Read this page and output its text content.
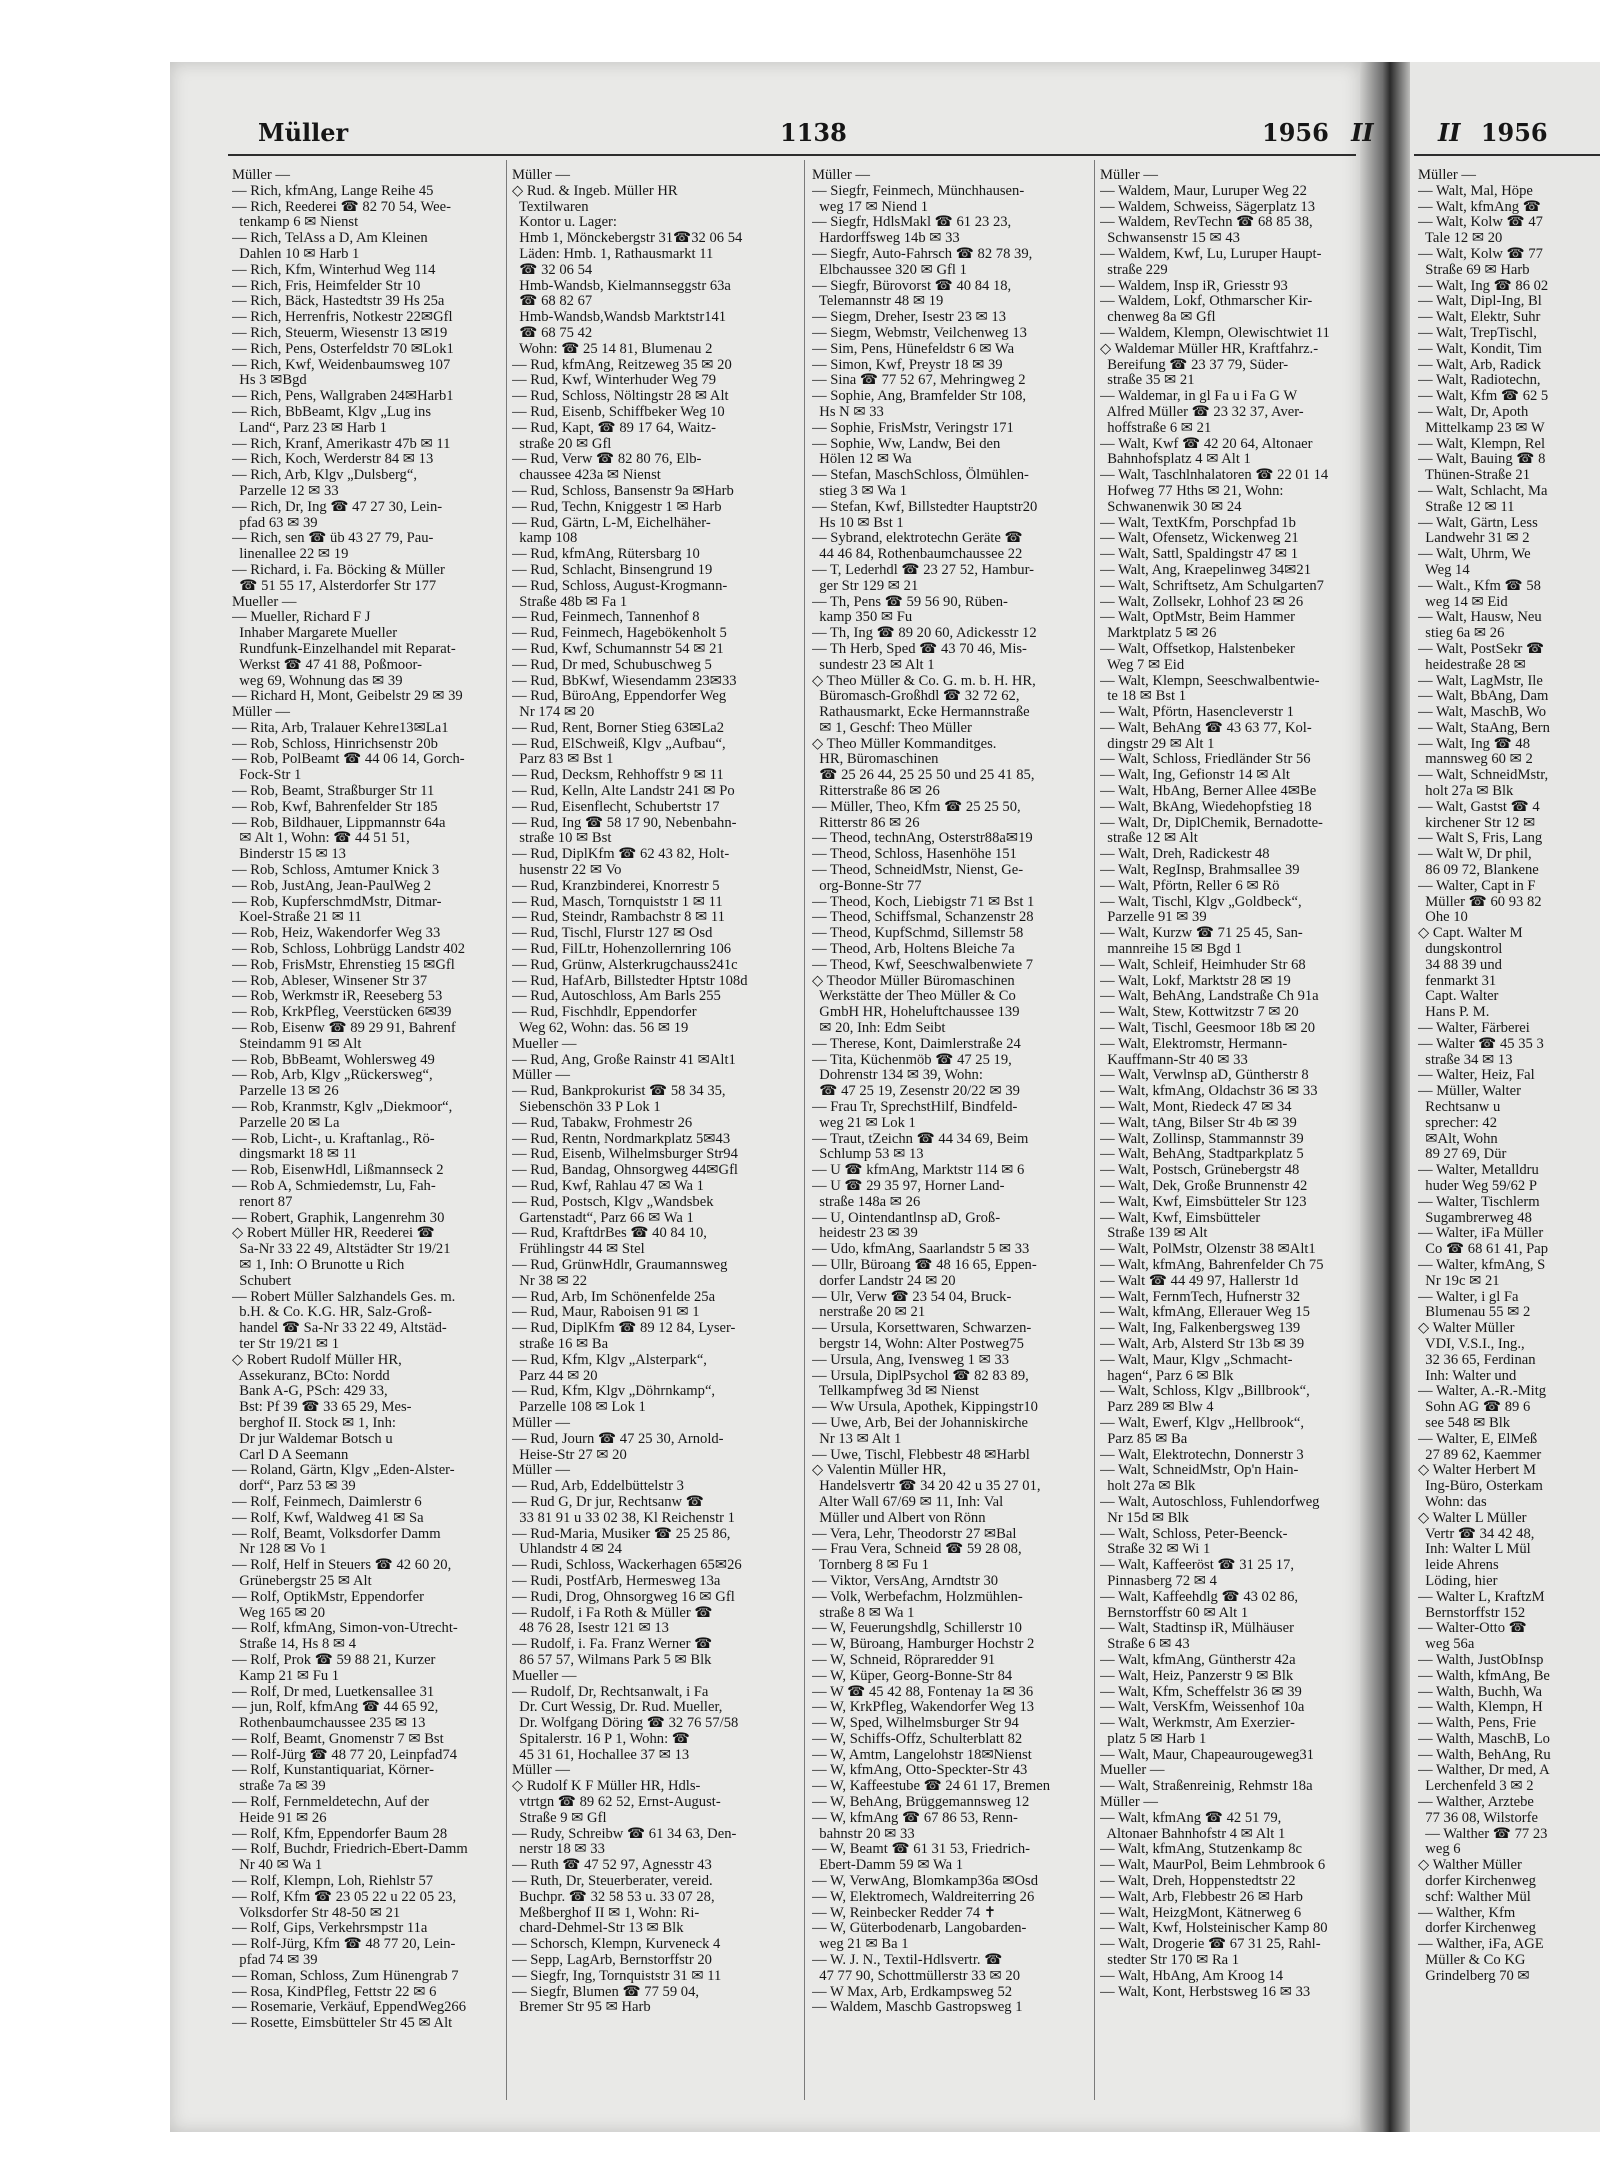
Müller	1138	1956 II	II 1956
Müller —
— Rich, kfmAng, Lange Reihe 45
— Rich, Reederei ☎ 82 70 54, Wee-
tenkamp 6 ✉ Nienst
— Rich, TelAss a D, Am Kleinen
Dahlen 10 ✉ Harb 1
— Rich, Kfm, Winterhud Weg 114
— Rich, Fris, Heimfelder Str 10
— Rich, Bäck, Hastedtstr 39 Hs 25a
— Rich, Herrenfris, Notkestr 22✉Gfl
— Rich, Steuerm, Wiesenstr 13 ✉19
— Rich, Pens, Osterfeldstr 70 ✉Lok1
— Rich, Kwf, Weidenbaumsweg 107
Hs 3 ✉Bgd
— Rich, Pens, Wallgraben 24✉Harb1
— Rich, BbBeamt, Klgv „Lug ins
Land“, Parz 23 ✉ Harb 1
— Rich, Kranf, Amerikastr 47b ✉ 11
— Rich, Koch, Werderstr 84 ✉ 13
— Rich, Arb, Klgv „Dulsberg“,
Parzelle 12 ✉ 33
— Rich, Dr, Ing ☎ 47 27 30, Lein-
pfad 63 ✉ 39
— Rich, sen ☎ üb 43 27 79, Pau-
linenallee 22 ✉ 19
— Richard, i. Fa. Böcking & Müller
☎ 51 55 17, Alsterdorfer Str 177
Mueller —
— Mueller, Richard F J
Inhaber Margarete Mueller
Rundfunk-Einzelhandel mit Reparat-
Werkst ☎ 47 41 88, Poßmoor-
weg 69, Wohnung das ✉ 39
— Richard H, Mont, Geibelstr 29 ✉ 39
Müller —
— Rita, Arb, Tralauer Kehre13✉La1
— Rob, Schloss, Hinrichsenstr 20b
— Rob, PolBeamt ☎ 44 06 14, Gorch-
Fock-Str 1
— Rob, Beamt, Straßburger Str 11
— Rob, Kwf, Bahrenfelder Str 185
— Rob, Bildhauer, Lippmannstr 64a
✉ Alt 1, Wohn: ☎ 44 51 51,
Binderstr 15 ✉ 13
— Rob, Schloss, Amtumer Knick 3
— Rob, JustAng, Jean-PaulWeg 2
— Rob, KupferschmdMstr, Ditmar-
Koel-Straße 21 ✉ 11
— Rob, Heiz, Wakendorfer Weg 33
— Rob, Schloss, Lohbrügg Landstr 402
— Rob, FrisMstr, Ehrenstieg 15 ✉Gfl
— Rob, Ableser, Winsener Str 37
— Rob, Werkmstr iR, Reeseberg 53
— Rob, KrkPfleg, Veerstücken 6✉39
— Rob, Eisenw ☎ 89 29 91, Bahrenf
Steindamm 91 ✉ Alt
— Rob, BbBeamt, Wohlersweg 49
— Rob, Arb, Klgv „Rückersweg“,
Parzelle 13 ✉ 26
— Rob, Kranmstr, Kglv „Diekmoor“,
Parzelle 20 ✉ La
— Rob, Licht-, u. Kraftanlag., Rö-
dingsmarkt 18 ✉ 11
— Rob, EisenwHdl, Lißmannseck 2
— Rob A, Schmiedemstr, Lu, Fah-
renort 87
— Robert, Graphik, Langenrehm 30
◇ Robert Müller HR, Reederei ☎
Sa-Nr 33 22 49, Altstädter Str 19/21
✉ 1, Inh: O Brunotte u Rich
Schubert
— Robert Müller Salzhandels Ges. m.
b.H. & Co. K.G. HR, Salz-Groß-
handel ☎ Sa-Nr 33 22 49, Altstäd-
ter Str 19/21 ✉ 1
◇ Robert Rudolf Müller HR,
Assekuranz, BCto: Nordd
Bank A-G, PSch: 429 33,
Bst: Pf 39 ☎ 33 65 29, Mes-
berghof II. Stock ✉ 1, Inh:
Dr jur Waldemar Botsch u
Carl D A Seemann
— Roland, Gärtn, Klgv „Eden-Alster-
dorf“, Parz 53 ✉ 39
— Rolf, Feinmech, Daimlerstr 6
— Rolf, Kwf, Waldweg 41 ✉ Sa
— Rolf, Beamt, Volksdorfer Damm
Nr 128 ✉ Vo 1
— Rolf, Helf in Steuers ☎ 42 60 20,
Grünebergstr 25 ✉ Alt
— Rolf, OptikMstr, Eppendorfer
Weg 165 ✉ 20
— Rolf, kfmAng, Simon-von-Utrecht-
Straße 14, Hs 8 ✉ 4
— Rolf, Prok ☎ 59 88 21, Kurzer
Kamp 21 ✉ Fu 1
— Rolf, Dr med, Luetkensallee 31
— jun, Rolf, kfmAng ☎ 44 65 92,
Rothenbaumchaussee 235 ✉ 13
— Rolf, Beamt, Gnomenstr 7 ✉ Bst
— Rolf-Jürg ☎ 48 77 20, Leinpfad74
— Rolf, Kunstantiquariat, Körner-
straße 7a ✉ 39
— Rolf, Fernmeldetechn, Auf der
Heide 91 ✉ 26
— Rolf, Kfm, Eppendorfer Baum 28
— Rolf, Buchdr, Friedrich-Ebert-Damm
Nr 40 ✉ Wa 1
— Rolf, Klempn, Loh, Riehlstr 57
— Rolf, Kfm ☎ 23 05 22 u 22 05 23,
Volksdorfer Str 48-50 ✉ 21
— Rolf, Gips, Verkehrsmpstr 11a
— Rolf-Jürg, Kfm ☎ 48 77 20, Lein-
pfad 74 ✉ 39
— Roman, Schloss, Zum Hünengrab 7
— Rosa, KindPfleg, Fettstr 22 ✉ 6
— Rosemarie, Verkäuf, EppendWeg266
— Rosette, Eimsbütteler Str 45 ✉ Alt
Müller —
◇ Rud. & Ingeb. Müller HR
Textilwaren
Kontor u. Lager:
Hmb 1, Mönckebergstr 31☎32 06 54
Läden: Hmb. 1, Rathausmarkt 11
☎ 32 06 54
Hmb-Wandsb, Kielmannseggstr 63a
☎ 68 82 67
Hmb-Wandsb,Wandsb Marktstr141
☎ 68 75 42
Wohn: ☎ 25 14 81, Blumenau 2
— Rud, kfmAng, Reitzeweg 35 ✉ 20
— Rud, Kwf, Winterhuder Weg 79
— Rud, Schloss, Nöltingstr 28 ✉ Alt
— Rud, Eisenb, Schiffbeker Weg 10
— Rud, Kapt, ☎ 89 17 64, Waitz-
straße 20 ✉ Gfl
— Rud, Verw ☎ 82 80 76, Elb-
chaussee 423a ✉ Nienst
— Rud, Schloss, Bansenstr 9a ✉Harb
— Rud, Techn, Kniggestr 1 ✉ Harb
— Rud, Gärtn, L-M, Eichelhäher-
kamp 108
— Rud, kfmAng, Rütersbarg 10
— Rud, Schlacht, Binsengrund 19
— Rud, Schloss, August-Krogmann-
Straße 48b ✉ Fa 1
— Rud, Feinmech, Tannenhof 8
— Rud, Feinmech, Hagebökenholt 5
— Rud, Kwf, Schumannstr 54 ✉ 21
— Rud, Dr med, Schubuschweg 5
— Rud, BbKwf, Wiesendamm 23✉33
— Rud, BüroAng, Eppendorfer Weg
Nr 174 ✉ 20
— Rud, Rent, Borner Stieg 63✉La2
— Rud, ElSchweiß, Klgv „Aufbau“,
Parz 83 ✉ Bst 1
— Rud, Decksm, Rehhoffstr 9 ✉ 11
— Rud, Kelln, Alte Landstr 241 ✉ Po
— Rud, Eisenflecht, Schubertstr 17
— Rud, Ing ☎ 58 17 90, Nebenbahn-
straße 10 ✉ Bst
— Rud, DiplKfm ☎ 62 43 82, Holt-
husenstr 22 ✉ Vo
— Rud, Kranzbinderei, Knorrestr 5
— Rud, Masch, Tornquiststr 1 ✉ 11
— Rud, Steindr, Rambachstr 8 ✉ 11
— Rud, Tischl, Flurstr 127 ✉ Osd
— Rud, FilLtr, Hohenzollernring 106
— Rud, Grünw, Alsterkrugchauss241c
— Rud, HafArb, Billstedter Hptstr 108d
— Rud, Autoschloss, Am Barls 255
— Rud, Fischhdlr, Eppendorfer
Weg 62, Wohn: das. 56 ✉ 19
Mueller —
— Rud, Ang, Große Rainstr 41 ✉Alt1
Müller —
— Rud, Bankprokurist ☎ 58 34 35,
Siebenschön 33 P Lok 1
— Rud, Tabakw, Frohmestr 26
— Rud, Rentn, Nordmarkplatz 5✉43
— Rud, Eisenb, Wilhelmsburger Str94
— Rud, Bandag, Ohnsorgweg 44✉Gfl
— Rud, Kwf, Rahlau 47 ✉ Wa 1
— Rud, Postsch, Klgv „Wandsbek
Gartenstadt“, Parz 66 ✉ Wa 1
— Rud, KraftdrBes ☎ 40 84 10,
Frühlingstr 44 ✉ Stel
— Rud, GrünwHdlr, Graumannsweg
Nr 38 ✉ 22
— Rud, Arb, Im Schönenfelde 25a
— Rud, Maur, Raboisen 91 ✉ 1
— Rud, DiplKfm ☎ 89 12 84, Lyser-
straße 16 ✉ Ba
— Rud, Kfm, Klgv „Alsterpark“,
Parz 44 ✉ 20
— Rud, Kfm, Klgv „Döhrnkamp“,
Parzelle 108 ✉ Lok 1
Müller —
— Rud, Journ ☎ 47 25 30, Arnold-
Heise-Str 27 ✉ 20
Müller —
— Rud, Arb, Eddelbüttelstr 3
— Rud G, Dr jur, Rechtsanw ☎
33 81 91 u 33 02 38, Kl Reichenstr 1
— Rud-Maria, Musiker ☎ 25 25 86,
Uhlandstr 4 ✉ 24
— Rudi, Schloss, Wackerhagen 65✉26
— Rudi, PostfArb, Hermesweg 13a
— Rudi, Drog, Ohnsorgweg 16 ✉ Gfl
— Rudolf, i Fa Roth & Müller ☎
48 76 28, Isestr 121 ✉ 13
— Rudolf, i. Fa. Franz Werner ☎
86 57 57, Wilmans Park 5 ✉ Blk
Mueller —
— Rudolf, Dr, Rechtsanwalt, i Fa
Dr. Curt Wessig, Dr. Rud. Mueller,
Dr. Wolfgang Döring ☎ 32 76 57/58
Spitalerstr. 16 P 1, Wohn: ☎
45 31 61, Hochallee 37 ✉ 13
Müller —
◇ Rudolf K F Müller HR, Hdls-
vtrtgn ☎ 89 62 52, Ernst-August-
Straße 9 ✉ Gfl
— Rudy, Schreibw ☎ 61 34 63, Den-
nerstr 18 ✉ 33
— Ruth ☎ 47 52 97, Agnesstr 43
— Ruth, Dr, Steuerberater, vereid.
Buchpr. ☎ 32 58 53 u. 33 07 28,
Meßberghof II ✉ 1, Wohn: Ri-
chard-Dehmel-Str 13 ✉ Blk
— Schorsch, Klempn, Kurveneck 4
— Sepp, LagArb, Bernstorffstr 20
— Siegfr, Ing, Tornquiststr 31 ✉ 11
— Siegfr, Blumen ☎ 77 59 04,
Bremer Str 95 ✉ Harb
Müller —
— Siegfr, Feinmech, Münchhausen-
weg 17 ✉ Niend 1
— Siegfr, HdlsMakl ☎ 61 23 23,
Hardorffsweg 14b ✉ 33
— Siegfr, Auto-Fahrsch ☎ 82 78 39,
Elbchaussee 320 ✉ Gfl 1
— Siegfr, Bürovorst ☎ 40 84 18,
Telemannstr 48 ✉ 19
— Siegm, Dreher, Isestr 23 ✉ 13
— Siegm, Webmstr, Veilchenweg 13
— Sim, Pens, Hünefeldstr 6 ✉ Wa
— Simon, Kwf, Preystr 18 ✉ 39
— Sina ☎ 77 52 67, Mehringweg 2
— Sophie, Ang, Bramfelder Str 108,
Hs N ✉ 33
— Sophie, FrisMstr, Veringstr 171
— Sophie, Ww, Landw, Bei den
Hölen 12 ✉ Wa
— Stefan, MaschSchloss, Ölmühlen-
stieg 3 ✉ Wa 1
— Stefan, Kwf, Billstedter Hauptstr20
Hs 10 ✉ Bst 1
— Sybrand, elektrotechn Geräte ☎
44 46 84, Rothenbaumchaussee 22
— T, Lederhdl ☎ 23 27 52, Hambur-
ger Str 129 ✉ 21
— Th, Pens ☎ 59 56 90, Rüben-
kamp 350 ✉ Fu
— Th, Ing ☎ 89 20 60, Adickesstr 12
— Th Herb, Sped ☎ 43 70 46, Mis-
sundestr 23 ✉ Alt 1
◇ Theo Müller & Co. G. m. b. H. HR,
Büromasch-Großhdl ☎ 32 72 62,
Rathausmarkt, Ecke Hermannstraße
✉ 1, Geschf: Theo Müller
◇ Theo Müller Kommanditges.
HR, Büromaschinen
☎ 25 26 44, 25 25 50 und 25 41 85,
Ritterstraße 86 ✉ 26
— Müller, Theo, Kfm ☎ 25 25 50,
Ritterstr 86 ✉ 26
— Theod, technAng, Osterstr88a✉19
— Theod, Schloss, Hasenhöhe 151
— Theod, SchneidMstr, Nienst, Ge-
org-Bonne-Str 77
— Theod, Koch, Liebigstr 71 ✉ Bst 1
— Theod, Schiffsmal, Schanzenstr 28
— Theod, KupfSchmd, Sillemstr 58
— Theod, Arb, Holtens Bleiche 7a
— Theod, Kwf, Seeschwalbenwiete 7
◇ Theodor Müller Büromaschinen
Werkstätte der Theo Müller & Co
GmbH HR, Hoheluftchaussee 139
✉ 20, Inh: Edm Seibt
— Therese, Kont, Daimlerstraße 24
— Tita, Küchenmöb ☎ 47 25 19,
Dohrenstr 134 ✉ 39, Wohn:
☎ 47 25 19, Zesenstr 20/22 ✉ 39
— Frau Tr, SprechstHilf, Bindfeld-
weg 21 ✉ Lok 1
— Traut, tZeichn ☎ 44 34 69, Beim
Schlump 53 ✉ 13
— U ☎ kfmAng, Marktstr 114 ✉ 6
— U ☎ 29 35 97, Horner Land-
straße 148a ✉ 26
— U, Ointendantlnsp aD, Groß-
heidestr 23 ✉ 39
— Udo, kfmAng, Saarlandstr 5 ✉ 33
— Ullr, Büroang ☎ 48 16 65, Eppen-
dorfer Landstr 24 ✉ 20
— Ulr, Verw ☎ 23 54 04, Bruck-
nerstraße 20 ✉ 21
— Ursula, Korsettwaren, Schwarzen-
bergstr 14, Wohn: Alter Postweg75
— Ursula, Ang, Ivensweg 1 ✉ 33
— Ursula, DiplPsychol ☎ 82 83 89,
Tellkampfweg 3d ✉ Nienst
— Ww Ursula, Apothek, Kippingstr10
— Uwe, Arb, Bei der Johanniskirche
Nr 13 ✉ Alt 1
— Uwe, Tischl, Flebbestr 48 ✉Harbl
◇ Valentin Müller HR,
Handelsvertr ☎ 34 20 42 u 35 27 01,
Alter Wall 67/69 ✉ 11, Inh: Val
Müller und Albert von Rönn
— Vera, Lehr, Theodorstr 27 ✉Bal
— Frau Vera, Schneid ☎ 59 28 08,
Tornberg 8 ✉ Fu 1
— Viktor, VersAng, Arndtstr 30
— Volk, Werbefachm, Holzmühlen-
straße 8 ✉ Wa 1
— W, Feuerungshdlg, Schillerstr 10
— W, Büroang, Hamburger Hochstr 2
— W, Schneid, Röpraredder 91
— W, Küper, Georg-Bonne-Str 84
— W ☎ 45 42 88, Fontenay 1a ✉ 36
— W, KrkPfleg, Wakendorfer Weg 13
— W, Sped, Wilhelmsburger Str 94
— W, Schiffs-Offz, Schulterblatt 82
— W, Amtm, Langelohstr 18✉Nienst
— W, kfmAng, Otto-Speckter-Str 43
— W, Kaffeestube ☎ 24 61 17, Bremen
— W, BehAng, Brüggemannsweg 12
— W, kfmAng ☎ 67 86 53, Renn-
bahnstr 20 ✉ 33
— W, Beamt ☎ 61 31 53, Friedrich-
Ebert-Damm 59 ✉ Wa 1
— W, VerwAng, Blomkamp36a ✉Osd
— W, Elektromech, Waldreiterring 26
— W, Reinbecker Redder 74 ✝
— W, Güterbodenarb, Langobarden-
weg 21 ✉ Ba 1
— W. J. N., Textil-Hdlsvertr. ☎
47 77 90, Schottmüllerstr 33 ✉ 20
— W Max, Arb, Erdkampsweg 52
— Waldem, Maschb Gastropsweg 1
Müller —
— Waldem, Maur, Luruper Weg 22
— Waldem, Schweiss, Sägerplatz 13
— Waldem, RevTechn ☎ 68 85 38,
Schwansenstr 15 ✉ 43
— Waldem, Kwf, Lu, Luruper Haupt-
straße 229
— Waldem, Insp iR, Griesstr 93
— Waldem, Lokf, Othmarscher Kir-
chenweg 8a ✉ Gfl
— Waldem, Klempn, Olewischtwiet 11
◇ Waldemar Müller HR, Kraftfahrz.-
Bereifung ☎ 23 37 79, Süder-
straße 35 ✉ 21
— Waldemar, in gl Fa u i Fa G W
Alfred Müller ☎ 23 32 37, Aver-
hoffstraße 6 ✉ 21
— Walt, Kwf ☎ 42 20 64, Altonaer
Bahnhofsplatz 4 ✉ Alt 1
— Walt, Taschlnhalatoren ☎ 22 01 14
Hofweg 77 Hths ✉ 21, Wohn:
Schwanenwik 30 ✉ 24
— Walt, TextKfm, Porschpfad 1b
— Walt, Ofensetz, Wickenweg 21
— Walt, Sattl, Spaldingstr 47 ✉ 1
— Walt, Ang, Kraepelinweg 34✉21
— Walt, Schriftsetz, Am Schulgarten7
— Walt, Zollsekr, Lohhof 23 ✉ 26
— Walt, OptMstr, Beim Hammer
Marktplatz 5 ✉ 26
— Walt, Offsetkop, Halstenbeker
Weg 7 ✉ Eid
— Walt, Klempn, Seeschwalbentwie-
te 18 ✉ Bst 1
— Walt, Pförtn, Hasencleverstr 1
— Walt, BehAng ☎ 43 63 77, Kol-
dingstr 29 ✉ Alt 1
— Walt, Schloss, Friedländer Str 56
— Walt, Ing, Gefionstr 14 ✉ Alt
— Walt, HbAng, Berner Allee 4✉Be
— Walt, BkAng, Wiedehopfstieg 18
— Walt, Dr, DiplChemik, Bernadotte-
straße 12 ✉ Alt
— Walt, Dreh, Radickestr 48
— Walt, RegInsp, Brahmsallee 39
— Walt, Pförtn, Reller 6 ✉ Rö
— Walt, Tischl, Klgv „Goldbeck“,
Parzelle 91 ✉ 39
— Walt, Kurzw ☎ 71 25 45, San-
mannreihe 15 ✉ Bgd 1
— Walt, Schleif, Heimhuder Str 68
— Walt, Lokf, Marktstr 28 ✉ 19
— Walt, BehAng, Landstraße Ch 91a
— Walt, Stew, Kottwitzstr 7 ✉ 20
— Walt, Tischl, Geesmoor 18b ✉ 20
— Walt, Elektromstr, Hermann-
Kauffmann-Str 40 ✉ 33
— Walt, Verwlnsp aD, Güntherstr 8
— Walt, kfmAng, Oldachstr 36 ✉ 33
— Walt, Mont, Riedeck 47 ✉ 34
— Walt, tAng, Bilser Str 4b ✉ 39
— Walt, Zollinsp, Stammannstr 39
— Walt, BehAng, Stadtparkplatz 5
— Walt, Postsch, Grünebergstr 48
— Walt, Dek, Große Brunnenstr 42
— Walt, Kwf, Eimsbütteler Str 123
— Walt, Kwf, Eimsbütteler
Straße 139 ✉ Alt
— Walt, PolMstr, Olzenstr 38 ✉Alt1
— Walt, kfmAng, Bahrenfelder Ch 75
— Walt ☎ 44 49 97, Hallerstr 1d
— Walt, FernmTech, Hufnerstr 32
— Walt, kfmAng, Ellerauer Weg 15
— Walt, Ing, Falkenbergsweg 139
— Walt, Arb, Alsterd Str 13b ✉ 39
— Walt, Maur, Klgv „Schmacht-
hagen“, Parz 6 ✉ Blk
— Walt, Schloss, Klgv „Billbrook“,
Parz 289 ✉ Blw 4
— Walt, Ewerf, Klgv „Hellbrook“,
Parz 85 ✉ Ba
— Walt, Elektrotechn, Donnerstr 3
— Walt, SchneidMstr, Op'n Hain-
holt 27a ✉ Blk
— Walt, Autoschloss, Fuhlendorfweg
Nr 15d ✉ Blk
— Walt, Schloss, Peter-Beenck-
Straße 32 ✉ Wi 1
— Walt, Kaffeeröst ☎ 31 25 17,
Pinnasberg 72 ✉ 4
— Walt, Kaffeehdlg ☎ 43 02 86,
Bernstorffstr 60 ✉ Alt 1
— Walt, Stadtinsp iR, Mülhäuser
Straße 6 ✉ 43
— Walt, kfmAng, Güntherstr 42a
— Walt, Heiz, Panzerstr 9 ✉ Blk
— Walt, Kfm, Scheffelstr 36 ✉ 39
— Walt, VersKfm, Weissenhof 10a
— Walt, Werkmstr, Am Exerzier-
platz 5 ✉ Harb 1
— Walt, Maur, Chapeaurougeweg31
Mueller —
— Walt, Straßenreinig, Rehmstr 18a
Müller —
— Walt, kfmAng ☎ 42 51 79,
Altonaer Bahnhofstr 4 ✉ Alt 1
— Walt, kfmAng, Stutzenkamp 8c
— Walt, MaurPol, Beim Lehmbrook 6
— Walt, Dreh, Hoppenstedtstr 22
— Walt, Arb, Flebbestr 26 ✉ Harb
— Walt, HeizgMont, Kätnerweg 6
— Walt, Kwf, Holsteinischer Kamp 80
— Walt, Drogerie ☎ 67 31 25, Rahl-
stedter Str 170 ✉ Ra 1
— Walt, HbAng, Am Kroog 14
— Walt, Kont, Herbstsweg 16 ✉ 33
Müller —
— Walt, Mal, Höpe
— Walt, kfmAng ☎
— Walt, Kolw ☎ 47
Tale 12 ✉ 20
— Walt, Kolw ☎ 77
Straße 69 ✉ Harb
— Walt, Ing ☎ 86 02
— Walt, Dipl-Ing, Bl
— Walt, Elektr, Suhr
— Walt, TrepTischl,
— Walt, Kondit, Tim
— Walt, Arb, Radick
— Walt, Radiotechn,
— Walt, Kfm ☎ 62 5
— Walt, Dr, Apoth
Mittelkamp 23 ✉ W
— Walt, Klempn, Rel
— Walt, Bauing ☎ 8
Thünen-Straße 21
— Walt, Schlacht, Ma
Straße 12 ✉ 11
— Walt, Gärtn, Less
Landwehr 31 ✉ 2
— Walt, Uhrm, We
Weg 14
— Walt., Kfm ☎ 58
weg 14 ✉ Eid
— Walt, Hausw, Neu
stieg 6a ✉ 26
— Walt, PostSekr ☎
heidestraße 28 ✉
— Walt, LagMstr, Ile
— Walt, BbAng, Dam
— Walt, MaschB, Wo
— Walt, StaAng, Bern
— Walt, Ing ☎ 48
mannsweg 60 ✉ 2
— Walt, SchneidMstr,
holt 27a ✉ Blk
— Walt, Gastst ☎ 4
kirchener Str 12 ✉
— Walt S, Fris, Lang
— Walt W, Dr phil,
86 09 72, Blankene
— Walter, Capt in F
Müller ☎ 60 93 82
Ohe 10
◇ Capt. Walter M
dungskontrol
34 88 39 und
fenmarkt 31
Capt. Walter
Hans P. M.
— Walter, Färberei
— Walter ☎ 45 35 3
straße 34 ✉ 13
— Walter, Heiz, Fal
— Müller, Walter
Rechtsanw u
sprecher: 42
✉Alt, Wohn
89 27 69, Dür
— Walter, Metalldru
huder Weg 59/62 P
— Walter, Tischlerm
Sugambrerweg 48
— Walter, iFa Müller
Co ☎ 68 61 41, Pap
— Walter, kfmAng, S
Nr 19c ✉ 21
— Walter, i gl Fa
Blumenau 55 ✉ 2
◇ Walter Müller
VDI, V.S.I., Ing.,
32 36 65, Ferdinan
Inh: Walter und
— Walter, A.-R.-Mitg
Sohn AG ☎ 89 6
see 548 ✉ Blk
— Walter, E, ElMeß
27 89 62, Kaemmer
◇ Walter Herbert M
Ing-Büro, Osterkam
Wohn: das
◇ Walter L Müller
Vertr ☎ 34 42 48,
Inh: Walter L Mül
leide Ahrens
Löding, hier
— Walter L, KraftzM
Bernstorffstr 152
— Walter-Otto ☎
weg 56a
— Walth, JustObInsp
— Walth, kfmAng, Be
— Walth, Buchh, Wa
— Walth, Klempn, H
— Walth, Pens, Frie
— Walth, MaschB, Lo
— Walth, BehAng, Ru
— Walther, Dr med, A
Lerchenfeld 3 ✉ 2
— Walther, Arztebe
77 36 08, Wilstorfe
— Walther ☎ 77 23
weg 6
◇ Walther Müller
dorfer Kirchenweg
schf: Walther Mül
— Walther, Kfm
dorfer Kirchenweg
— Walther, iFa, AGE
Müller & Co KG
Grindelberg 70 ✉
